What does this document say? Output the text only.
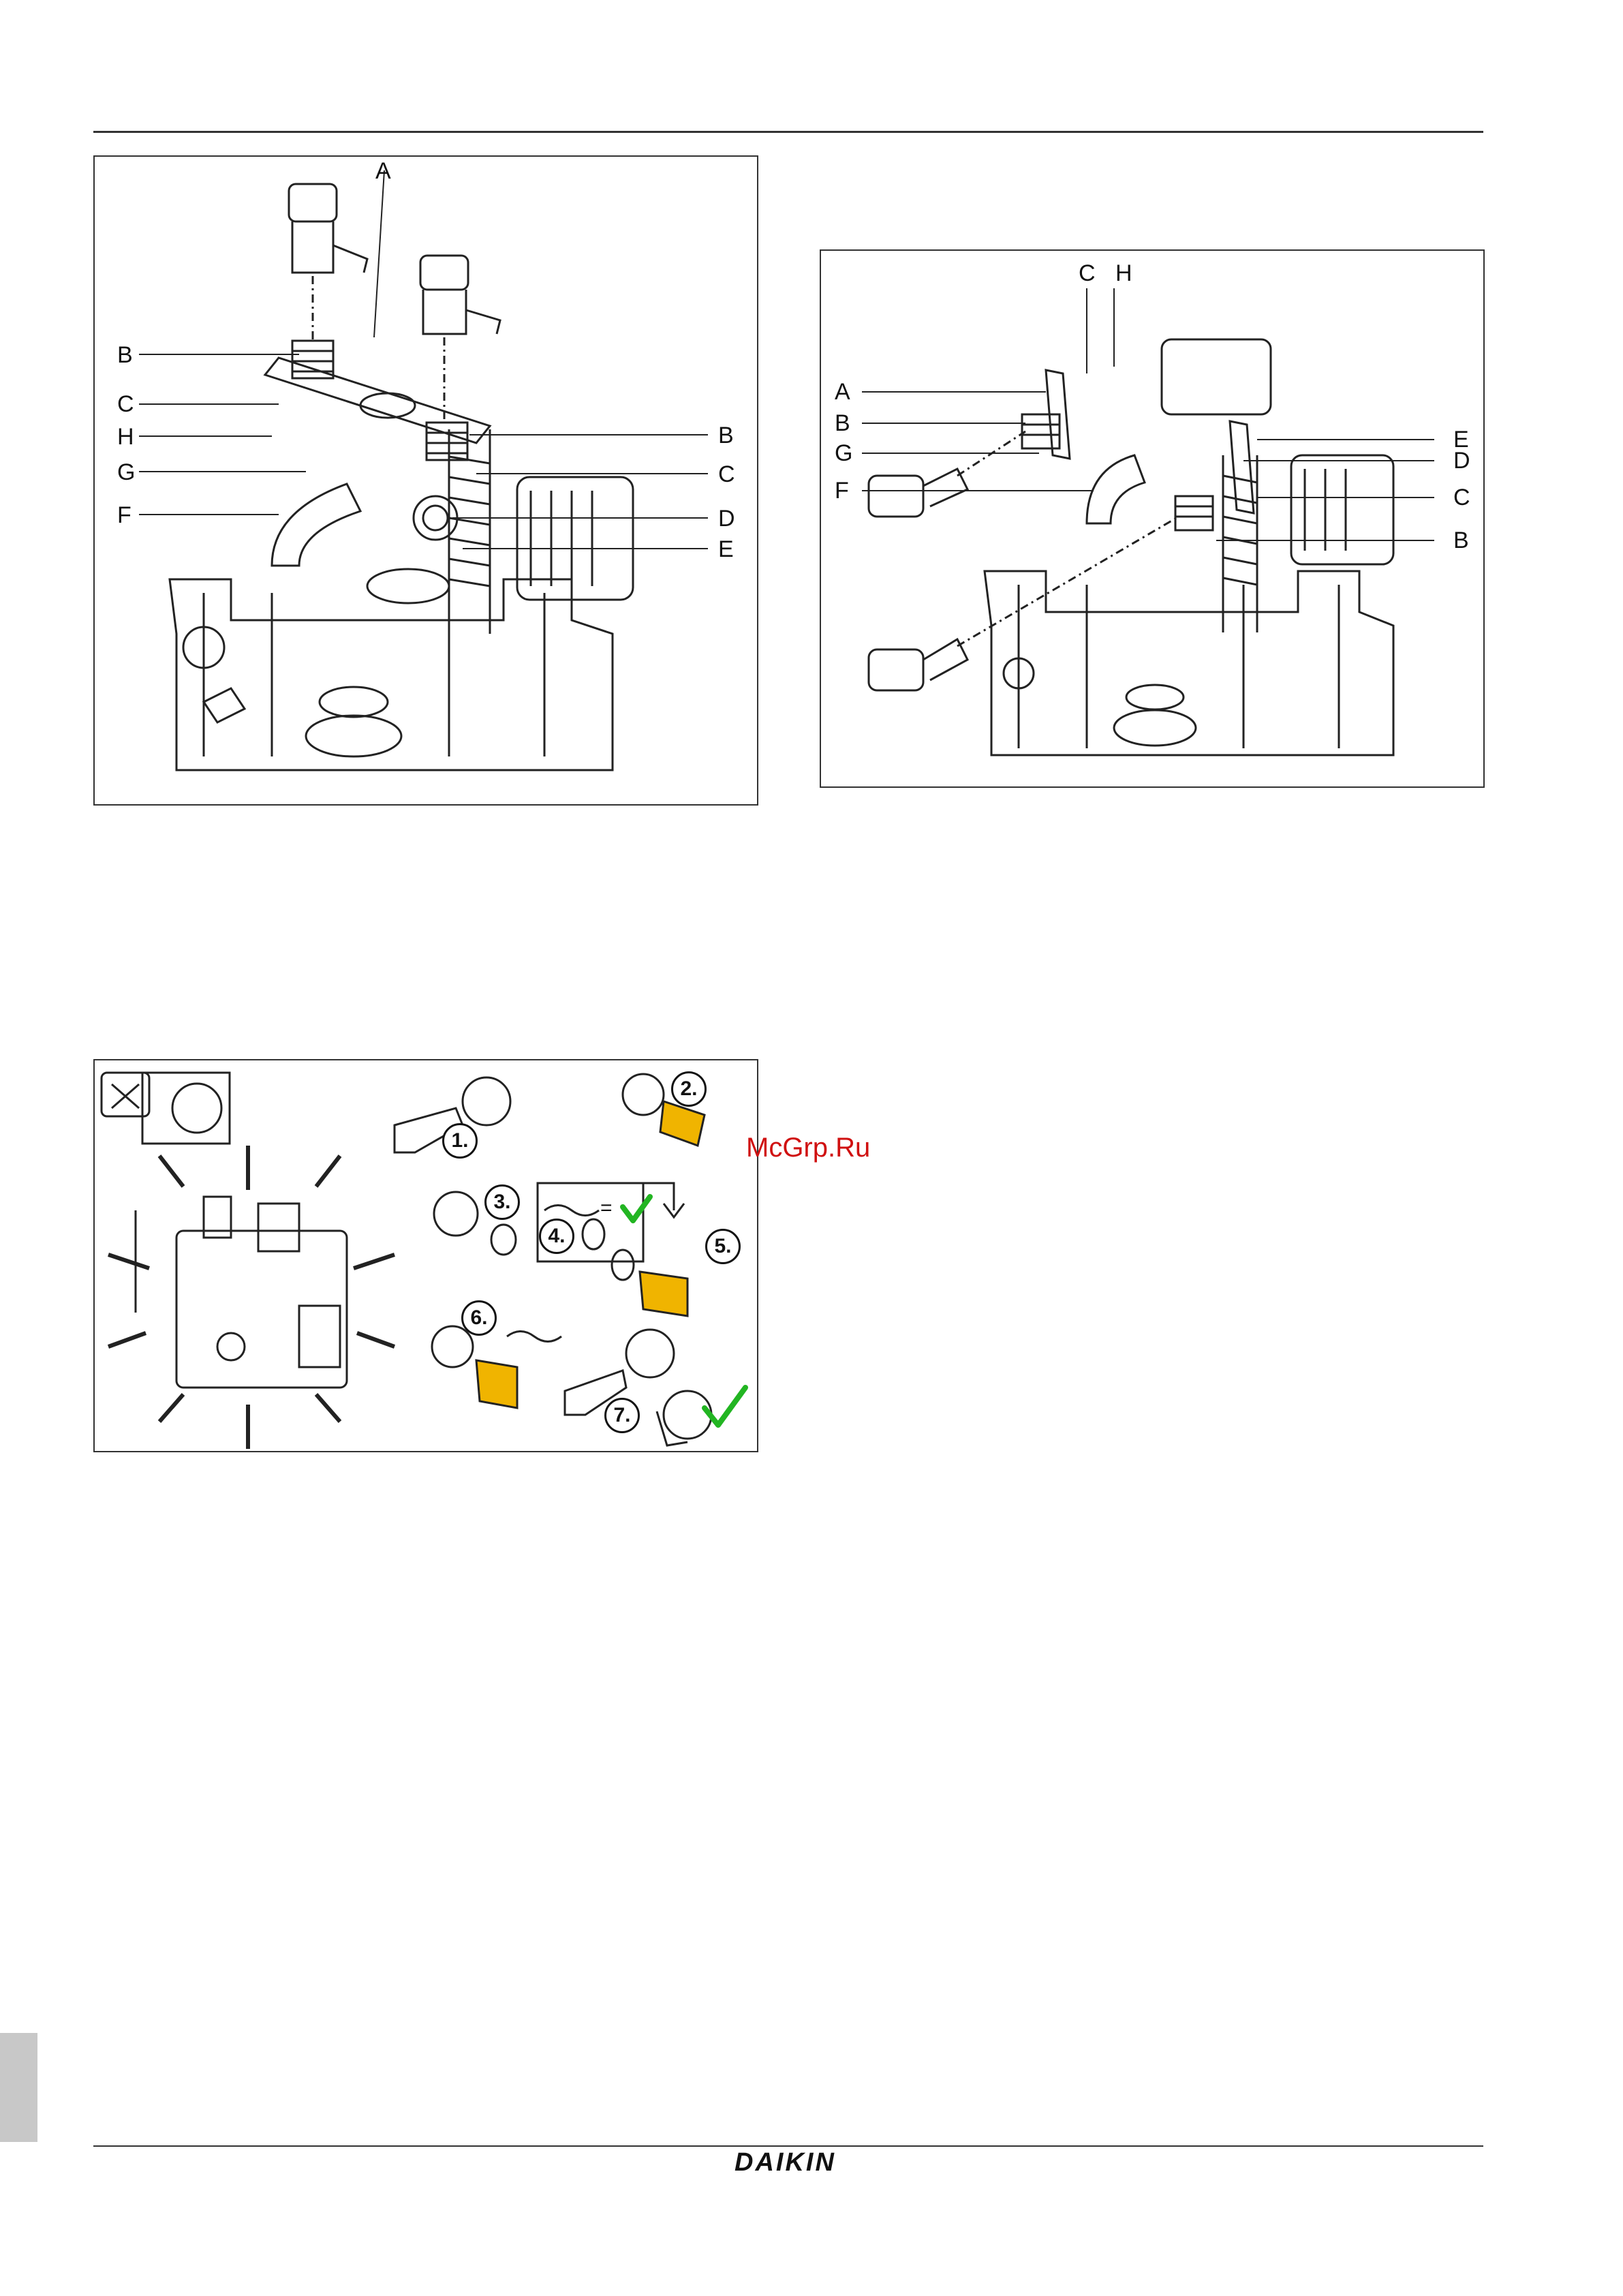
A
B
C
H
G
F
B
C
D
E
C H
A
B
G
F
E
D
C
B
1.
2.
3.
4.
=
5.
6.
7.
McGrp.Ru
DAIKIN
